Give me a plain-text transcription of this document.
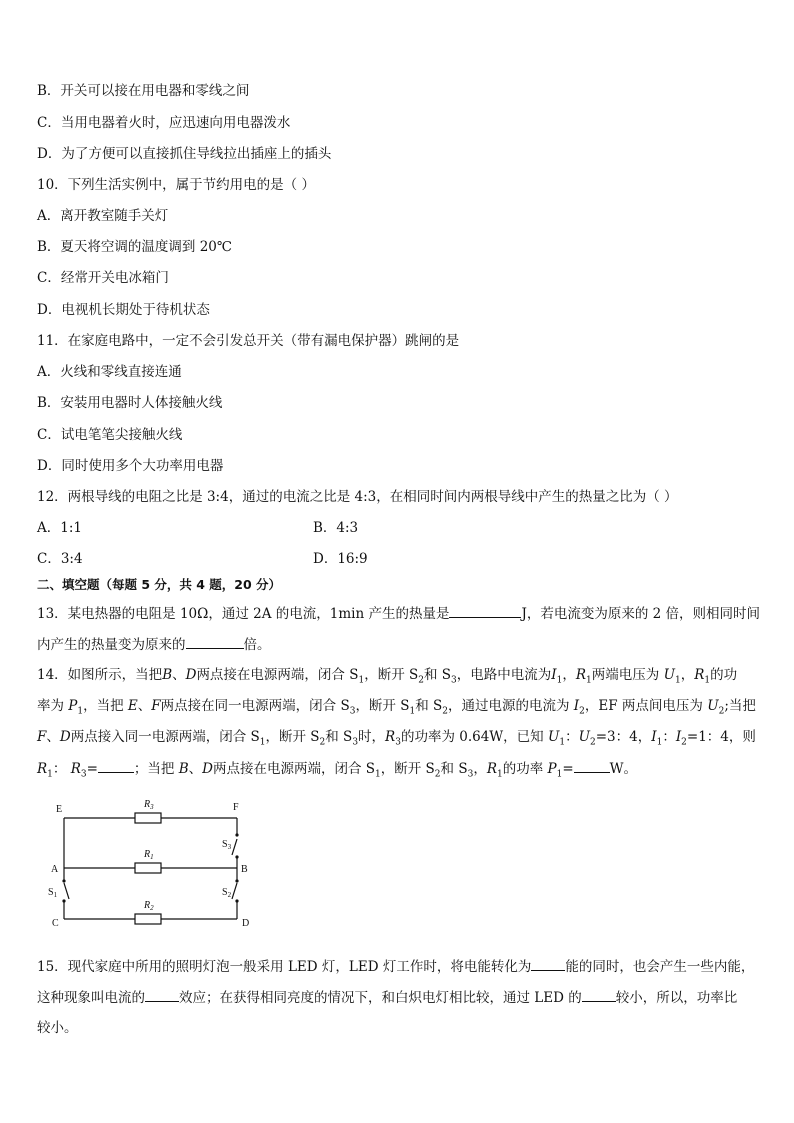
B．开关可以接在用电器和零线之间
C．当用电器着火时，应迅速向用电器泼水
D．为了方便可以直接抓住导线拉出插座上的插头
10．下列生活实例中，属于节约用电的是（ ）
A．离开教室随手关灯
B．夏天将空调的温度调到 20℃
C．经常开关电冰箱门
D．电视机长期处于待机状态
11．在家庭电路中，一定不会引发总开关（带有漏电保护器）跳闸的是
A．火线和零线直接连通
B．安装用电器时人体接触火线
C．试电笔笔尖接触火线
D．同时使用多个大功率用电器
12．两根导线的电阻之比是 3:4，通过的电流之比是 4:3，在相同时间内两根导线中产生的热量之比为（ ）
A．1:1	B．4:3
C．3:4	D．16:9
二、填空题（每题 5 分，共 4 题，20 分）
13．某电热器的电阻是 10Ω，通过 2A 的电流，1min 产生的热量是	J，若电流变为原来的 2 倍，则相同时间
内产生的热量变为原来的	倍。
14．如图所示，当把B、D两点接在电源两端，闭合 $S_1$，断开 $S_2$和 $S_3$，电路中电流为$I_1$，$R_1$两端电压为 $U_1$，$R_1$的功
率为 $P_1$，当把 E、F两点接在同一电源两端，闭合 $S_3$，断开 $S_1$和 $S_2$，通过电源的电流为 $I_2$，EF 两点间电压为 $U_2$;当把
F、D两点接入同一电源两端，闭合 $S_1$，断开 $S_2$和 $S_3$时，$R_3$的功率为 0.64W，已知 $U_1$：$U_2=3$：4，$I_1$：$I_2=1$：4，则
$R_1$： $R_3=$	；当把 B、D两点接在电源两端，闭合 $S_1$，断开 $S_2$和 $S_3$，$R_1$的功率 $P_1=$	W。
E	F
A	B
C	D
$R_3$
$R_1$
$R_2$
$S_3$
$S_1$	$S_2$
15．现代家庭中所用的照明灯泡一般采用 LED 灯，LED 灯工作时，将电能转化为	能的同时，也会产生一些内能，
这种现象叫电流的	效应；在获得相同亮度的情况下，和白炽电灯相比较，通过 LED 的	较小，所以，功率比
较小。
